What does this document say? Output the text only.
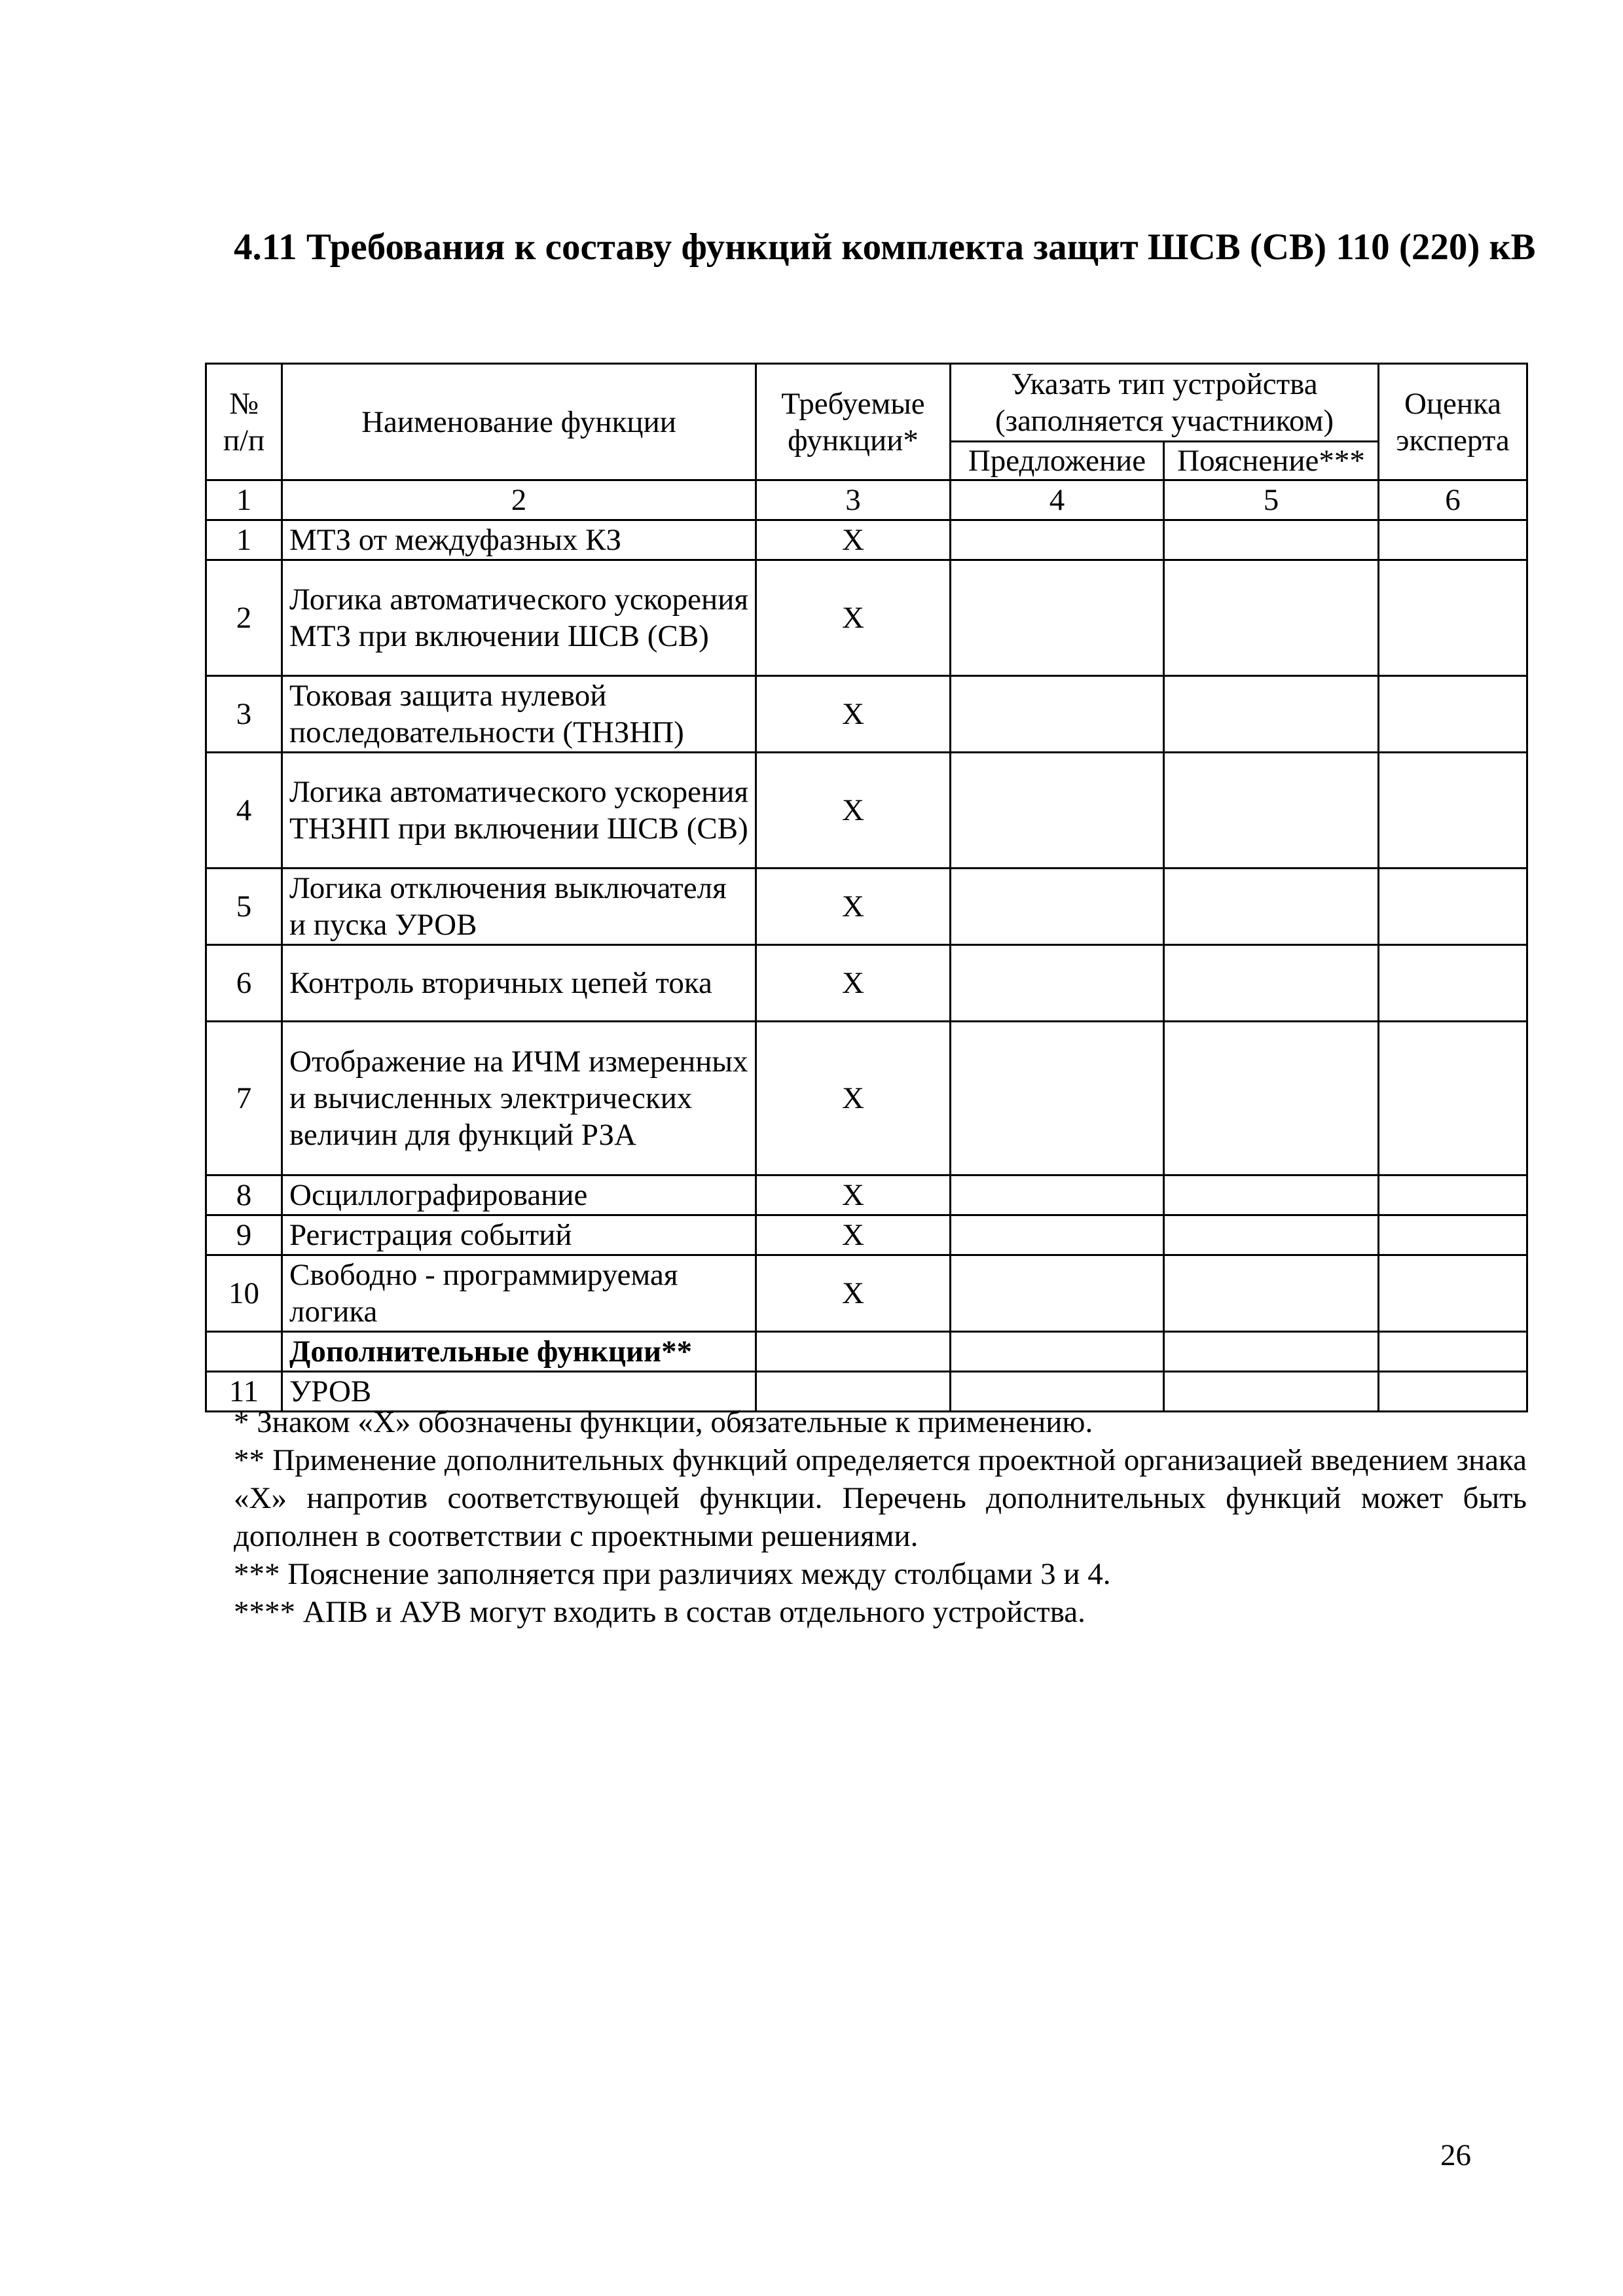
4.11 Требования к составу функций комплекта защит ШСВ (СВ) 110 (220) кВ
№ п/п	Наименование функции	Требуемые функции*	Указать тип устройства (заполняется участником)		Оценка эксперта
			Предложение	Пояснение***	
1	2	3	4	5	6
1	МТЗ от междуфазных КЗ	X			
2	Логика автоматического ускорения МТЗ при включении ШСВ (СВ)	X			
3	Токовая защита нулевой последовательности (ТНЗНП)	X			
4	Логика автоматического ускорения ТНЗНП при включении ШСВ (СВ)	X			
5	Логика отключения выключателя и пуска УРОВ	X			
6	Контроль вторичных цепей тока	X			
7	Отображение на ИЧМ измеренных и вычисленных электрических величин для функций РЗА	X			
8	Осциллографирование	X			
9	Регистрация событий	X			
10	Свободно - программируемая логика	X			
	Дополнительные функции**				
11	УРОВ				

* Знаком «Х» обозначены функции, обязательные к применению.

** Применение дополнительных функций определяется проектной организацией введением знака «Х» напротив соответствующей функции. Перечень дополнительных функций может быть дополнен в соответствии с проектными решениями.

*** Пояснение заполняется при различиях между столбцами 3 и 4.

**** АПВ и АУВ могут входить в состав отдельного устройства.

26
